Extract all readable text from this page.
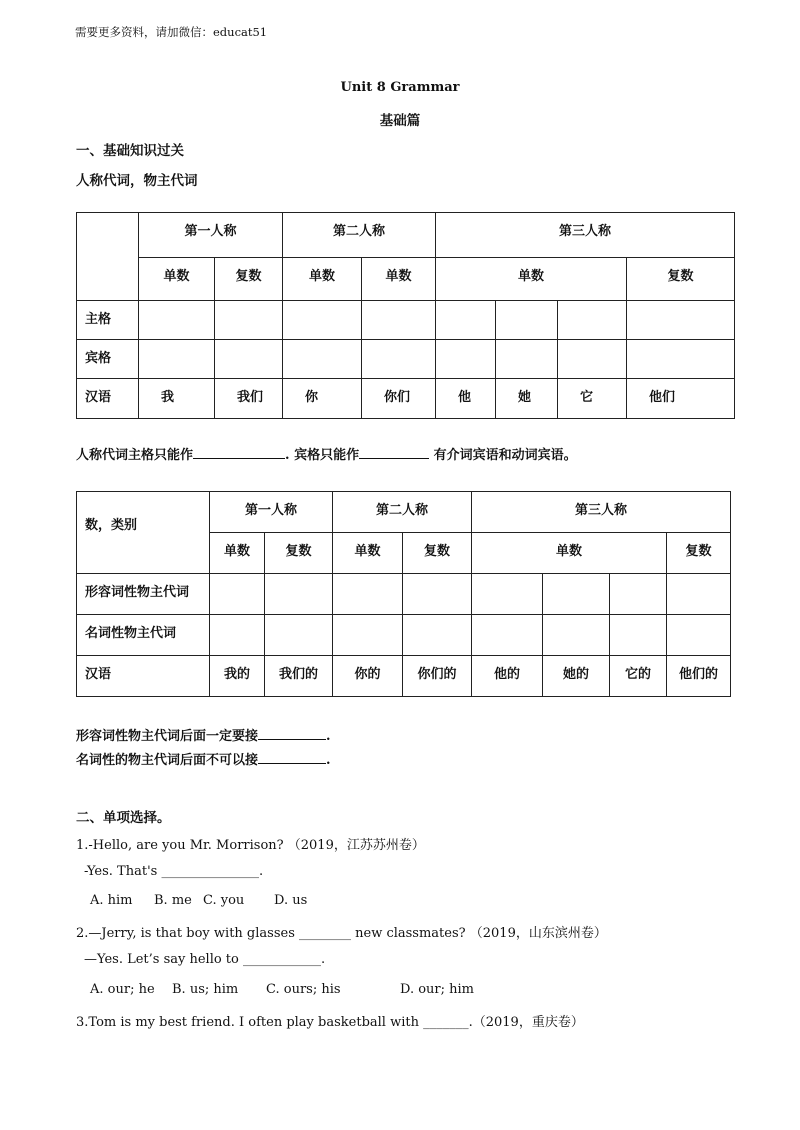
需要更多资料，请加微信：educat51
Unit 8 Grammar
基础篇
一、基础知识过关
人称代词，物主代词

	第一人称		第二人称		第三人称			

	单数	复数	单数	单数	单数			复数

主格								

宾格								

汉语	我	我们	你	你们	他	她	它	他们
人称代词主格只能作	. 宾格只能作	有介词宾语和动词宾语。
数，类别	第一人称		第二人称		第三人称			

	单数	复数	单数	复数	单数			复数

形容词性物主代词								

名词性物主代词								

汉语	我的	我们的	你的	你们的	他的	她的	它的	他们的
形容词性物主代词后面一定要接	.
名词性的物主代词后面不可以接	.
二、单项选择。
1.-Hello, are you Mr. Morrison? （2019，江苏苏州卷）
-Yes. That's _______________.
A. him B. me C. you D. us
2.—Jerry, is that boy with glasses ________ new classmates? （2019，山东滨州卷）
—Yes. Let’s say hello to ____________.
A. our; he B. us; him C. ours; his	D. our; him
3.Tom is my best friend. I often play basketball with _______.（2019，重庆卷）
